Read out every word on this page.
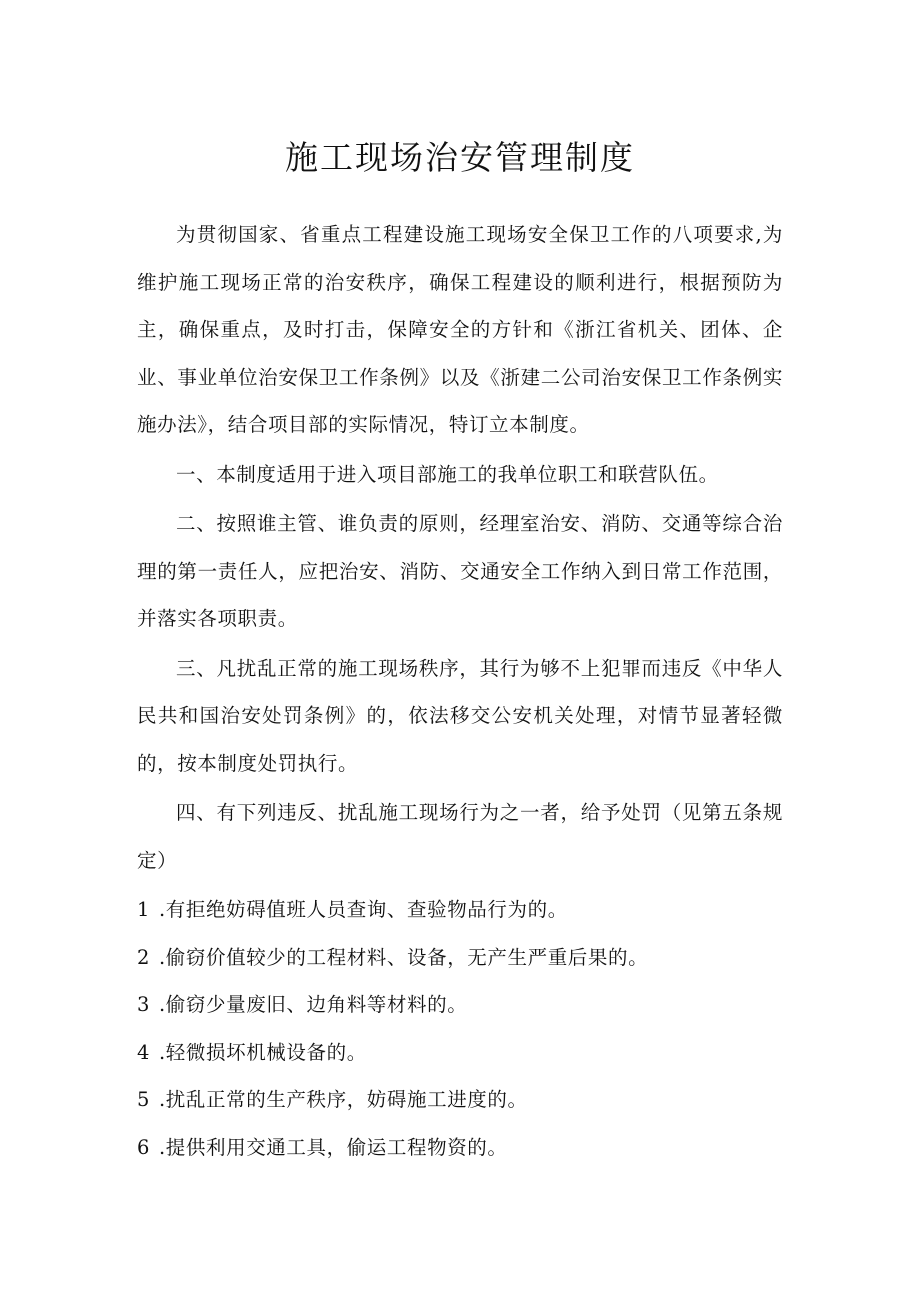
施工现场治安管理制度

为贯彻国家、省重点工程建设施工现场安全保卫工作的八项要求,为维护施工现场正常的治安秩序，确保工程建设的顺利进行，根据预防为主，确保重点，及时打击，保障安全的方针和《浙江省机关、团体、企业、事业单位治安保卫工作条例》以及《浙建二公司治安保卫工作条例实施办法》，结合项目部的实际情况，特订立本制度。

一、本制度适用于进入项目部施工的我单位职工和联营队伍。

二、按照谁主管、谁负责的原则，经理室治安、消防、交通等综合治理的第一责任人，应把治安、消防、交通安全工作纳入到日常工作范围，并落实各项职责。

三、凡扰乱正常的施工现场秩序，其行为够不上犯罪而违反《中华人民共和国治安处罚条例》的，依法移交公安机关处理，对情节显著轻微的，按本制度处罚执行。

四、有下列违反、扰乱施工现场行为之一者，给予处罚（见第五条规定）

1 .有拒绝妨碍值班人员查询、查验物品行为的。
2 .偷窃价值较少的工程材料、设备，无产生严重后果的。
3 .偷窃少量废旧、边角料等材料的。
4 .轻微损坏机械设备的。
5 .扰乱正常的生产秩序，妨碍施工进度的。
6 .提供利用交通工具，偷运工程物资的。
